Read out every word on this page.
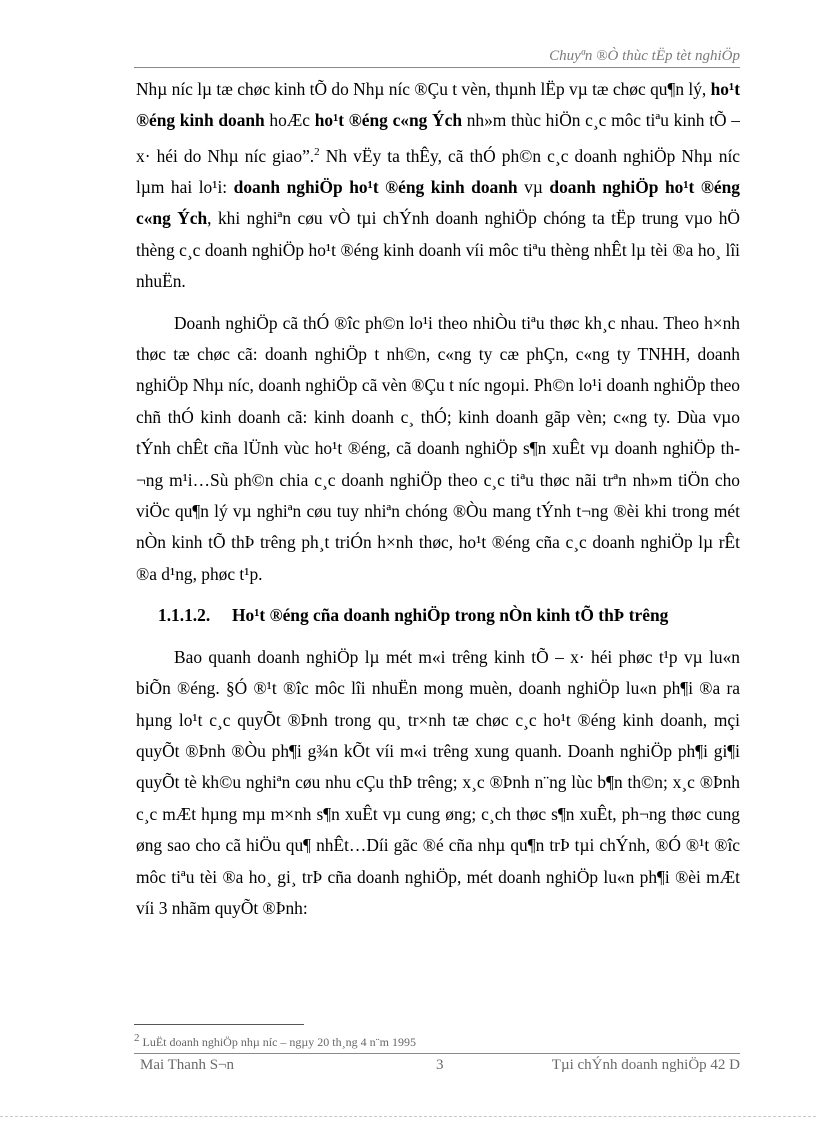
Chuyªn ®Ò thùc tËp tèt nghiÖp

Nhµ níc lµ tæ chøc kinh tÕ do Nhµ níc ®Çu t vèn, thµnh lËp vµ tæ chøc qu¶n lý, ho¹t ®éng kinh doanh hoÆc ho¹t ®éng c«ng Ých nh»m thùc hiÖn c¸c môc tiªu kinh tÕ – x· héi do Nhµ níc giao”.$^2$ Nh vËy ta thÊy, cã thÓ ph©n c¸c doanh nghiÖp Nhµ níc lµm hai lo¹i: doanh nghiÖp ho¹t ®éng kinh doanh vµ doanh nghiÖp ho¹t ®éng c«ng Ých, khi nghiªn cøu vÒ tµi chÝnh doanh nghiÖp chóng ta tËp trung vµo hÖ thèng c¸c doanh nghiÖp ho¹t ®éng kinh doanh víi môc tiªu thèng nhÊt lµ tèi ®a ho¸ lîi nhuËn.

Doanh nghiÖp cã thÓ ®îc ph©n lo¹i theo nhiÒu tiªu thøc kh¸c nhau. Theo h×nh thøc tæ chøc cã: doanh nghiÖp t nh©n, c«ng ty cæ phÇn, c«ng ty TNHH, doanh nghiÖp Nhµ níc, doanh nghiÖp cã vèn ®Çu t níc ngoµi. Ph©n lo¹i doanh nghiÖp theo chñ thÓ kinh doanh cã: kinh doanh c¸ thÓ; kinh doanh gãp vèn; c«ng ty. Dùa vµo tÝnh chÊt cña lÜnh vùc ho¹t ®éng, cã doanh nghiÖp s¶n xuÊt vµ doanh nghiÖp th¬ng m¹i…Sù ph©n chia c¸c doanh nghiÖp theo c¸c tiªu thøc nãi trªn nh»m tiÖn cho viÖc qu¶n lý vµ nghiªn cøu tuy nhiªn chóng ®Òu mang tÝnh t¬ng ®èi khi trong mét nÒn kinh tÕ thÞ trêng ph¸t triÓn h×nh thøc, ho¹t ®éng cña c¸c doanh nghiÖp lµ rÊt ®a d¹ng, phøc t¹p.

1.1.1.2. Ho¹t ®éng cña doanh nghiÖp trong nÒn kinh tÕ thÞ trêng

Bao quanh doanh nghiÖp lµ mét m«i trêng kinh tÕ – x· héi phøc t¹p vµ lu«n biÕn ®éng. §Ó ®¹t ®îc môc lîi nhuËn mong muèn, doanh nghiÖp lu«n ph¶i ®a ra hµng lo¹t c¸c quyÕt ®Þnh trong qu¸ tr×nh tæ chøc c¸c ho¹t ®éng kinh doanh, mçi quyÕt ®Þnh ®Òu ph¶i g¾n kÕt víi m«i trêng xung quanh. Doanh nghiÖp ph¶i gi¶i quyÕt tè kh©u nghiªn cøu nhu cÇu thÞ trêng; x¸c ®Þnh n¨ng lùc b¶n th©n; x¸c ®Þnh c¸c mÆt hµng mµ m×nh s¶n xuÊt vµ cung øng; c¸ch thøc s¶n xuÊt, ph¬ng thøc cung øng sao cho cã hiÖu qu¶ nhÊt…Díi gãc ®é cña nhµ qu¶n trÞ tµi chÝnh, ®Ó ®¹t ®îc môc tiªu tèi ®a ho¸ gi¸ trÞ cña doanh nghiÖp, mét doanh nghiÖp lu«n ph¶i ®èi mÆt víi 3 nhãm quyÕt ®Þnh:

$^2$ LuËt doanh nghiÖp nhµ níc – ngµy 20 th¸ng 4 n¨m 1995
Mai Thanh S¬n	3	Tµi chÝnh doanh nghiÖp 42 D
